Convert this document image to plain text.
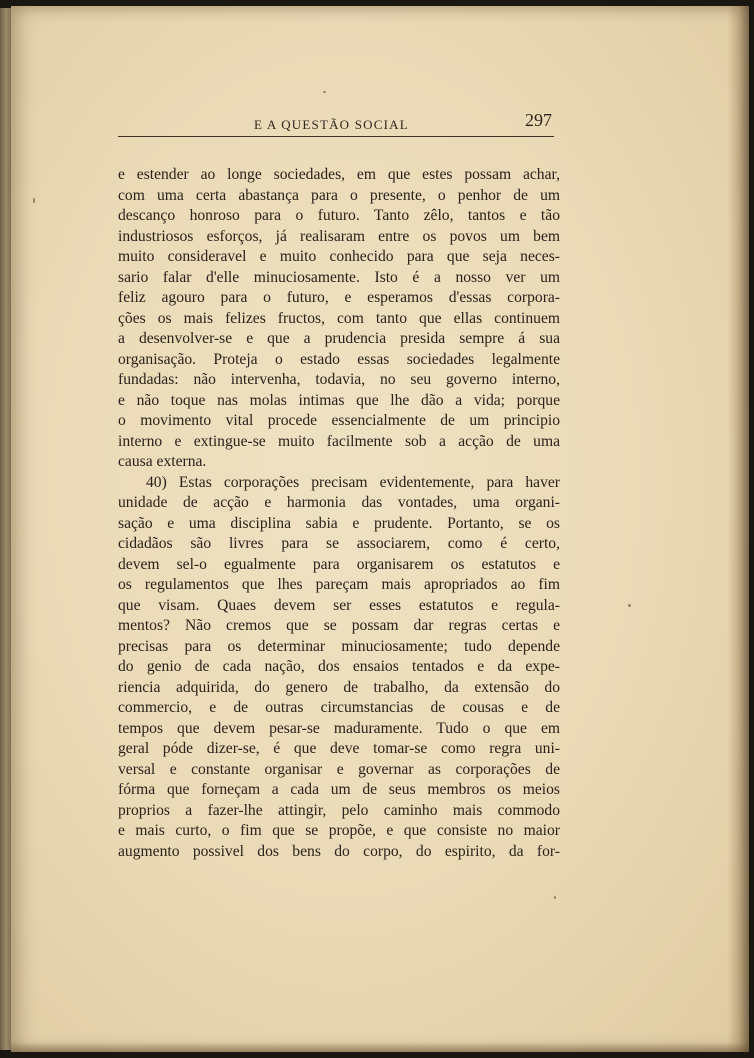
E A QUESTÃO SOCIAL	297
e estender ao longe sociedades, em que estes possam achar,
com uma certa abastança para o presente, o penhor de um
descanço honroso para o futuro. Tanto zêlo, tantos e tão
industriosos esforços, já realisaram entre os povos um bem
muito consideravel e muito conhecido para que seja neces-
sario falar d'elle minuciosamente. Isto é a nosso ver um
feliz agouro para o futuro, e esperamos d'essas corpora-
ções os mais felizes fructos, com tanto que ellas continuem
a desenvolver-se e que a prudencia presida sempre á sua
organisação. Proteja o estado essas sociedades legalmente
fundadas: não intervenha, todavia, no seu governo interno,
e não toque nas molas intimas que lhe dão a vida; porque
o movimento vital procede essencialmente de um principio
interno e extingue-se muito facilmente sob a acção de uma
causa externa.
40) Estas corporações precisam evidentemente, para haver
unidade de acção e harmonia das vontades, uma organi-
sação e uma disciplina sabia e prudente. Portanto, se os
cidadãos são livres para se associarem, como é certo,
devem sel-o egualmente para organisarem os estatutos e
os regulamentos que lhes pareçam mais apropriados ao fim
que visam. Quaes devem ser esses estatutos e regula-
mentos? Não cremos que se possam dar regras certas e
precisas para os determinar minuciosamente; tudo depende
do genio de cada nação, dos ensaios tentados e da expe-
riencia adquirida, do genero de trabalho, da extensão do
commercio, e de outras circumstancias de cousas e de
tempos que devem pesar-se maduramente. Tudo o que em
geral póde dizer-se, é que deve tomar-se como regra uni-
versal e constante organisar e governar as corporações de
fórma que forneçam a cada um de seus membros os meios
proprios a fazer-lhe attingir, pelo caminho mais commodo
e mais curto, o fim que se propõe, e que consiste no maior
augmento possivel dos bens do corpo, do espirito, da for-
